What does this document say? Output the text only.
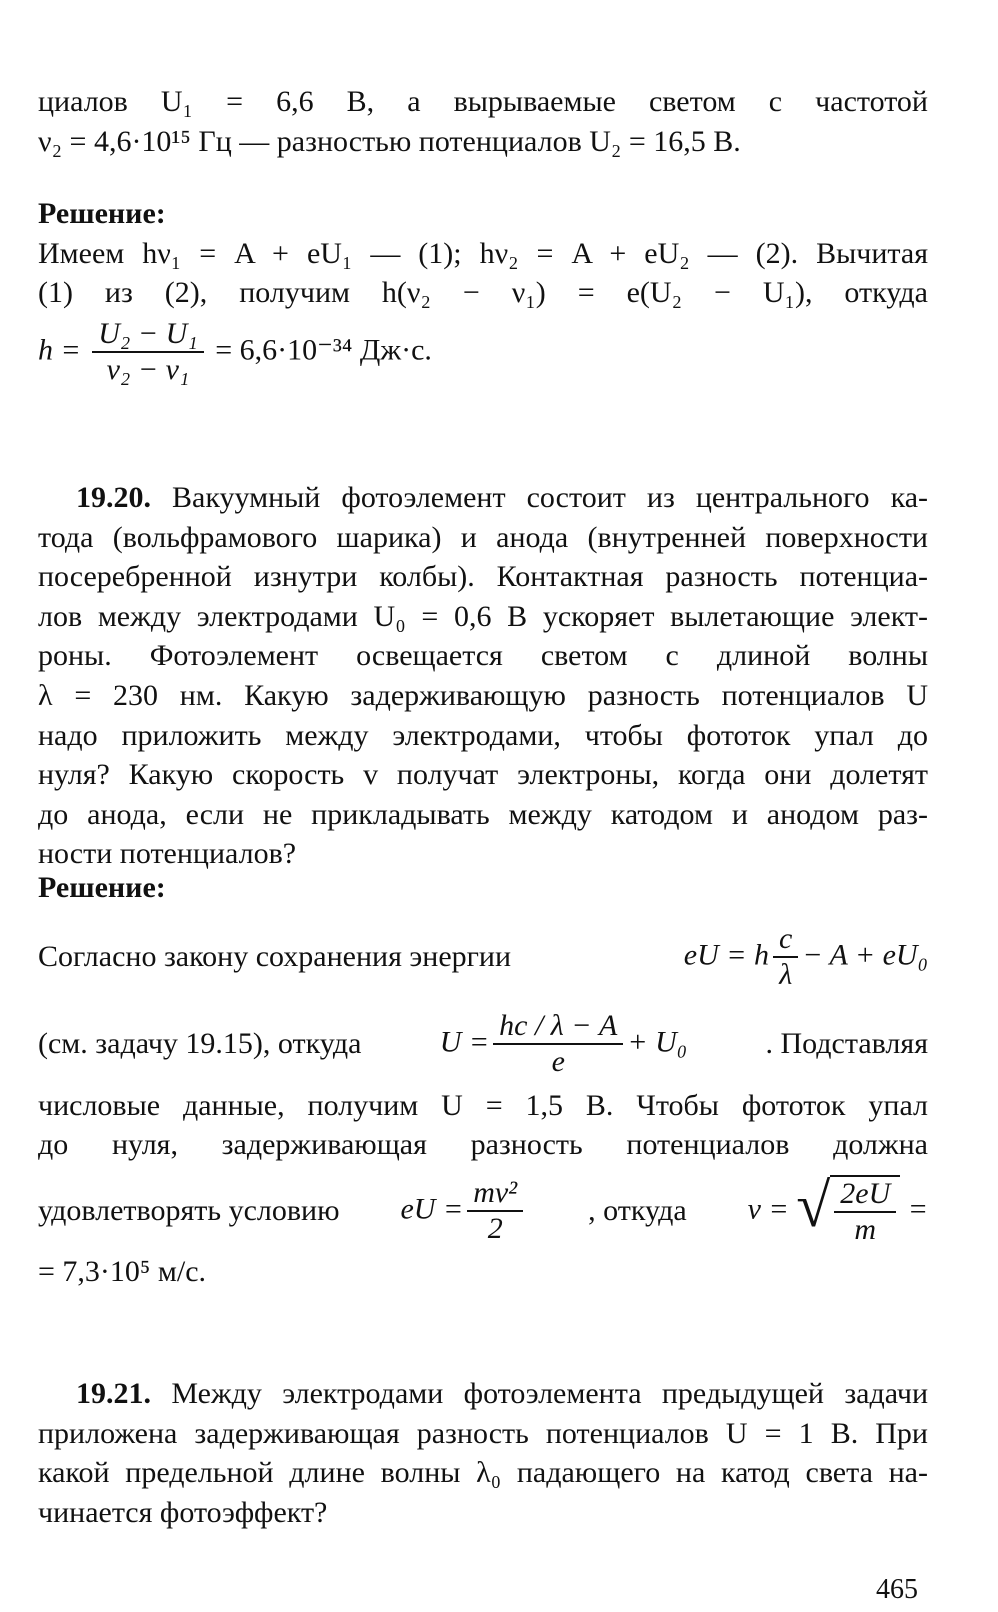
циалов U₁ = 6,6 В, а вырываемые светом с частотой
ν₂ = 4,6·10¹⁵ Гц — разностью потенциалов U₂ = 16,5 В.
Решение:
Имеем hν₁ = A + eU₁ — (1); hν₂ = A + eU₂ — (2). Вычитая
(1) из (2), получим h(ν₂ − ν₁) = e(U₂ − U₁), откуда
$h = \frac{\text{U₂ − U₁}}{\text{ν₂ − ν₁}} = 6,6\cdot 10^{-34}$ Дж·с.
19.20. Вакуумный фотоэлемент состоит из центрального ка-
тода (вольфрамового шарика) и анода (внутренней поверхности
посеребренной изнутри колбы). Контактная разность потенциа-
лов между электродами U₀ = 0,6 В ускоряет вылетающие элект-
роны. Фотоэлемент освещается светом с длиной волны
λ = 230 нм. Какую задерживающую разность потенциалов U
надо приложить между электродами, чтобы фототок упал до
нуля? Какую скорость v получат электроны, когда они долетят
до анода, если не прикладывать между катодом и анодом раз-
ности потенциалов?
Решение:
Согласно закону сохранения энергии	eU = h $\frac{c}{\lambda} - A + eU_0$
(см. задачу 19.15), откуда	$U = \frac{hc / \lambda - A}{e} + U_0$	. Подставляя
числовые данные, получим U = 1,5 В. Чтобы фототок упал
до нуля, задерживающая разность потенциалов должна
удовлетворять условию eU = $\frac{\text{mv²}}{2}$ , откуда v = √ $\frac{2eU}{m}$ =
= 7,3·10⁵ м/с.
19.21. Между электродами фотоэлемента предыдущей задачи
приложена задерживающая разность потенциалов U = 1 В. При
какой предельной длине волны λ₀ падающего на катод света на-
чинается фотоэффект?
465
